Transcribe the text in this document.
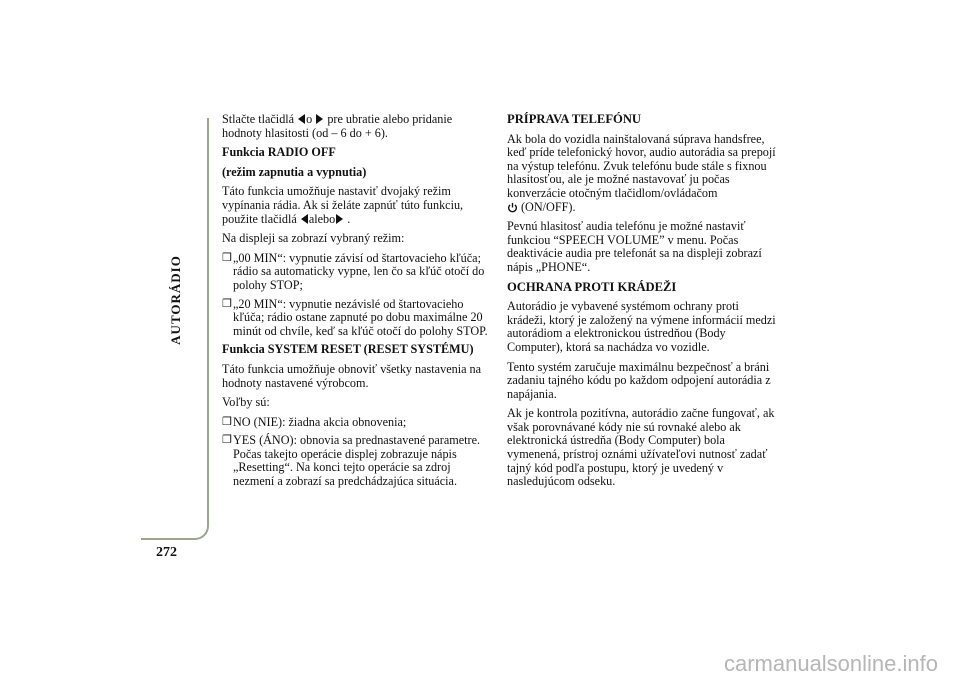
AUTORÁDIO
272

Stlačte tlačidlá o pre ubratie alebo pridanie
hodnoty hlasitosti (od – 6 do + 6).

Funkcia RADIO OFF

(režim zapnutia a vypnutia)

Táto funkcia umožňuje nastaviť dvojaký režim
vypínania rádia. Ak si želáte zapnúť túto funkciu,
použite tlačidlá alebo .

Na displeji sa zobrazí vybraný režim:

❒ „00 MIN“: vypnutie závisí od štartovacieho kľúča;
rádio sa automaticky vypne, len čo sa kľúč otočí do
polohy STOP;
❒ „20 MIN“: vypnutie nezávislé od štartovacieho
kľúča; rádio ostane zapnuté po dobu maximálne 20
minút od chvíle, keď sa kľúč otočí do polohy STOP.

Funkcia SYSTEM RESET (RESET SYSTÉMU)

Táto funkcia umožňuje obnoviť všetky nastavenia na
hodnoty nastavené výrobcom.

Voľby sú:

❒ NO (NIE): žiadna akcia obnovenia;
❒ YES (ÁNO): obnovia sa prednastavené parametre.
Počas takejto operácie displej zobrazuje nápis
„Resetting“. Na konci tejto operácie sa zdroj
nezmení a zobrazí sa predchádzajúca situácia.

PRÍPRAVA TELEFÓNU

Ak bola do vozidla nainštalovaná súprava handsfree,
keď príde telefonický hovor, audio autorádia sa prepojí
na výstup telefónu. Zvuk telefónu bude stále s fixnou
hlasitosťou, ale je možné nastavovať ju počas
konverzácie otočným tlačidlom/ovládačom
(ON/OFF).

Pevnú hlasitosť audia telefónu je možné nastaviť
funkciou “SPEECH VOLUME” v menu. Počas
deaktivácie audia pre telefonát sa na displeji zobrazí
nápis „PHONE“.

OCHRANA PROTI KRÁDEŽI

Autorádio je vybavené systémom ochrany proti
krádeži, ktorý je založený na výmene informácií medzi
autorádiom a elektronickou ústredňou (Body
Computer), ktorá sa nachádza vo vozidle.

Tento systém zaručuje maximálnu bezpečnosť a bráni
zadaniu tajného kódu po každom odpojení autorádia z
napájania.

Ak je kontrola pozitívna, autorádio začne fungovať, ak
však porovnávané kódy nie sú rovnaké alebo ak
elektronická ústredňa (Body Computer) bola
vymenená, prístroj oznámi užívateľovi nutnosť zadať
tajný kód podľa postupu, ktorý je uvedený v
nasledujúcom odseku.

carmanualsonline.info
